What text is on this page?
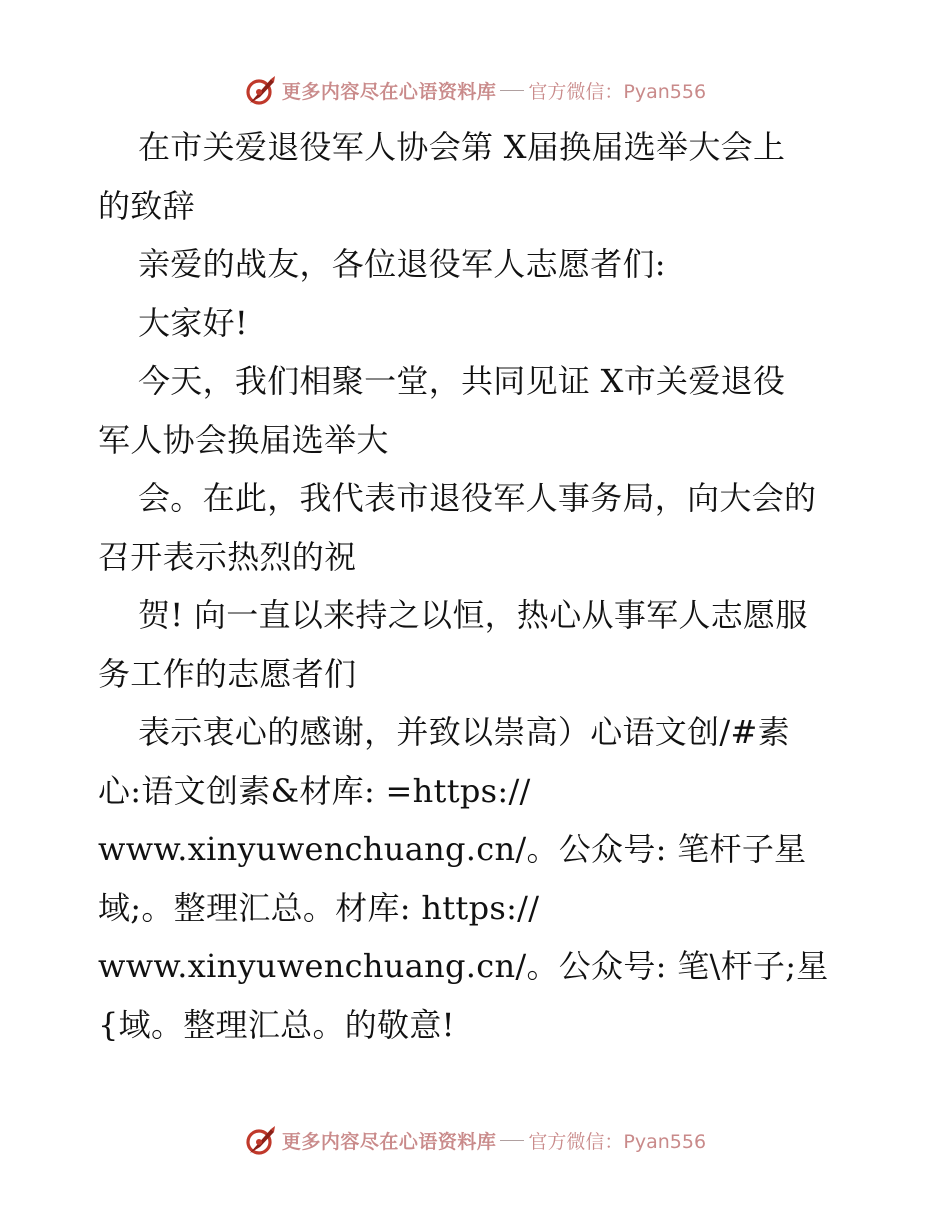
更多内容尽在心语资料库 官方微信：Pyan556
在市关爱退役军人协会第 X届换届选举大会上
的致辞
亲爱的战友，各位退役军人志愿者们:
大家好!
今天，我们相聚一堂，共同见证 X市关爱退役
军人协会换届选举大
会。在此，我代表市退役军人事务局，向大会的
召开表示热烈的祝
贺! 向一直以来持之以恒，热心从事军人志愿服
务工作的志愿者们
表示衷心的感谢，并致以崇高）心语文创/#素
心:语文创素&材库: =https://
www.xinyuwenchuang.cn/。公众号: 笔杆子星
域;。整理汇总。材库: https://
www.xinyuwenchuang.cn/。公众号: 笔\杆子;星
{域。整理汇总。的敬意!
更多内容尽在心语资料库 官方微信：Pyan556
